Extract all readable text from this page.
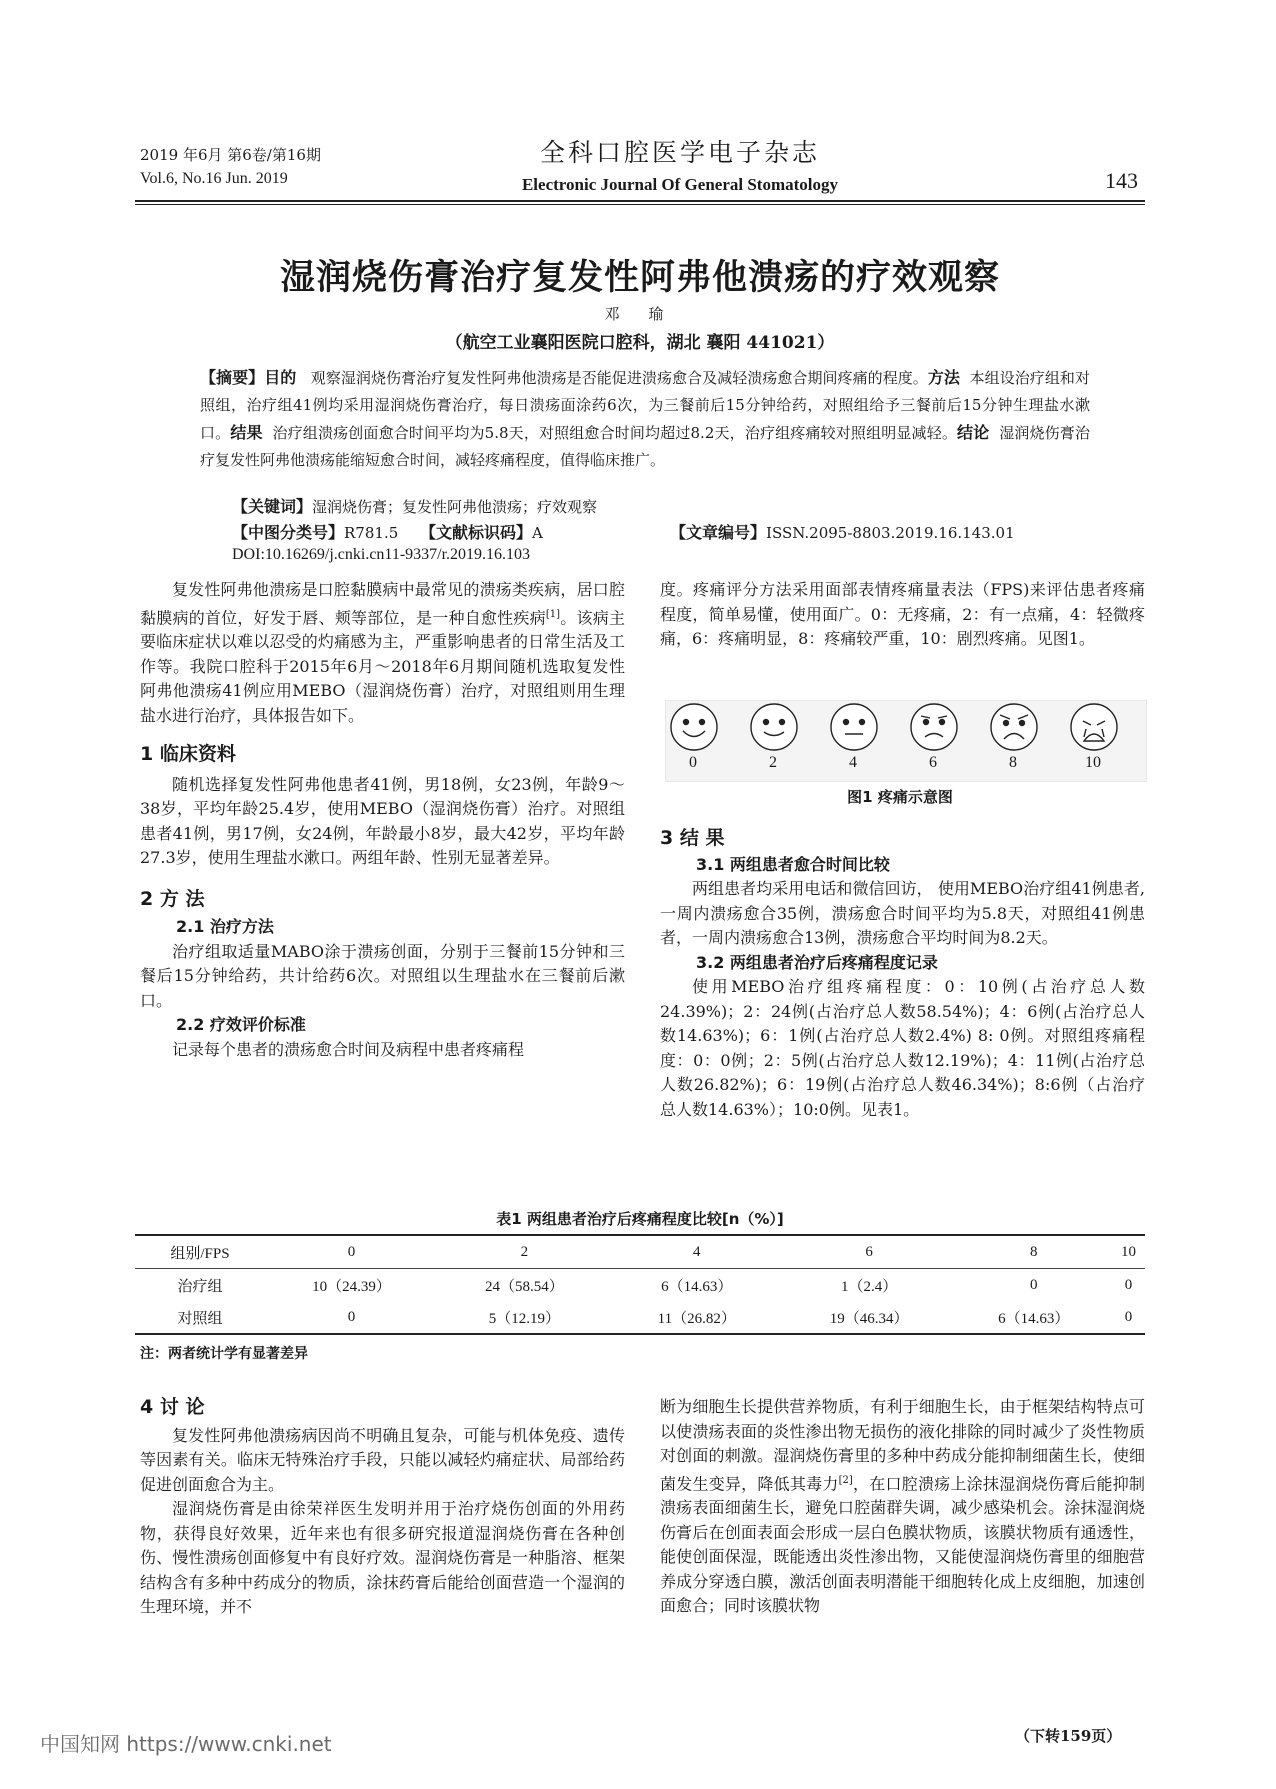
2019 年6月 第6卷/第16期
Vol.6, No.16 Jun. 2019
全科口腔医学电子杂志
Electronic Journal Of General Stomatology	143
湿润烧伤膏治疗复发性阿弗他溃疡的疗效观察
邓 瑜
（航空工业襄阳医院口腔科，湖北 襄阳 441021）
【摘要】目的 观察湿润烧伤膏治疗复发性阿弗他溃疡是否能促进溃疡愈合及减轻溃疡愈合期间疼痛的程度。方法 本组设治疗组和对照组，治疗组41例均采用湿润烧伤膏治疗，每日溃疡面涂药6次，为三餐前后15分钟给药，对照组给予三餐前后15分钟生理盐水漱口。结果 治疗组溃疡创面愈合时间平均为5.8天，对照组愈合时间均超过8.2天，治疗组疼痛较对照组明显减轻。结论 湿润烧伤膏治疗复发性阿弗他溃疡能缩短愈合时间，减轻疼痛程度，值得临床推广。
【关键词】湿润烧伤膏；复发性阿弗他溃疡；疗效观察
【中图分类号】R781.5 【文献标识码】A	【文章编号】ISSN.2095-8803.2019.16.143.01
DOI:10.16269/j.cnki.cn11-9337/r.2019.16.103

复发性阿弗他溃疡是口腔黏膜病中最常见的溃疡类疾病，居口腔黏膜病的首位，好发于唇、颊等部位，是一种自愈性疾病[1]。该病主要临床症状以难以忍受的灼痛感为主，严重影响患者的日常生活及工作等。我院口腔科于2015年6月～2018年6月期间随机选取复发性阿弗他溃疡41例应用MEBO（湿润烧伤膏）治疗，对照组则用生理盐水进行治疗，具体报告如下。

1 临床资料

随机选择复发性阿弗他患者41例，男18例，女23例，年龄9～38岁，平均年龄25.4岁，使用MEBO（湿润烧伤膏）治疗。对照组患者41例，男17例，女24例，年龄最小8岁，最大42岁，平均年龄27.3岁，使用生理盐水漱口。两组年龄、性别无显著差异。

2 方 法
2.1 治疗方法

治疗组取适量MABO涂于溃疡创面，分别于三餐前15分钟和三餐后15分钟给药，共计给药6次。对照组以生理盐水在三餐前后漱口。

2.2 疗效评价标准

记录每个患者的溃疡愈合时间及病程中患者疼痛程

度。疼痛评分方法采用面部表情疼痛量表法（FPS)来评估患者疼痛程度，简单易懂，使用面广。0：无疼痛，2：有一点痛，4：轻微疼痛，6：疼痛明显，8：疼痛较严重，10：剧烈疼痛。见图1。

0	2	4	6	8	10
图1 疼痛示意图
3 结 果
3.1 两组患者愈合时间比较

两组患者均采用电话和微信回访， 使用MEBO治疗组41例患者,一周内溃疡愈合35例，溃疡愈合时间平均为5.8天，对照组41例患者，一周内溃疡愈合13例，溃疡愈合平均时间为8.2天。

3.2 两组患者治疗后疼痛程度记录

使用MEBO治疗组疼痛程度：0：10例(占治疗总人数24.39%)；2：24例(占治疗总人数58.54%)；4：6例(占治疗总人数14.63%)；6：1例(占治疗总人数2.4%) 8: 0例。对照组疼痛程度：0：0例；2：5例(占治疗总人数12.19%)；4：11例(占治疗总人数26.82%)；6：19例(占治疗总人数46.34%)；8:6例（占治疗总人数14.63%）；10:0例。见表1。

表1 两组患者治疗后疼痛程度比较[n（%）]
组别/FPS	0	2	4	6	8	10
治疗组	10（24.39）	24（58.54）	6（14.63）	1（2.4）	0	0
对照组	0	5（12.19）	11（26.82）	19（46.34）	6（14.63）	0
注：两者统计学有显著差异
4 讨 论

复发性阿弗他溃疡病因尚不明确且复杂，可能与机体免疫、遗传等因素有关。临床无特殊治疗手段，只能以减轻灼痛症状、局部给药促进创面愈合为主。

湿润烧伤膏是由徐荣祥医生发明并用于治疗烧伤创面的外用药物，获得良好效果，近年来也有很多研究报道湿润烧伤膏在各种创伤、慢性溃疡创面修复中有良好疗效。湿润烧伤膏是一种脂溶、框架结构含有多种中药成分的物质，涂抹药膏后能给创面营造一个湿润的生理环境，并不

断为细胞生长提供营养物质，有利于细胞生长，由于框架结构特点可以使溃疡表面的炎性渗出物无损伤的液化排除的同时减少了炎性物质对创面的刺激。湿润烧伤膏里的多种中药成分能抑制细菌生长，使细菌发生变异，降低其毒力[2]，在口腔溃疡上涂抹湿润烧伤膏后能抑制溃疡表面细菌生长，避免口腔菌群失调，减少感染机会。涂抹湿润烧伤膏后在创面表面会形成一层白色膜状物质，该膜状物质有通透性，能使创面保湿，既能透出炎性渗出物，又能使湿润烧伤膏里的细胞营养成分穿透白膜，激活创面表明潜能干细胞转化成上皮细胞，加速创面愈合；同时该膜状物

（下转159页）
中国知网 https://www.cnki.net
